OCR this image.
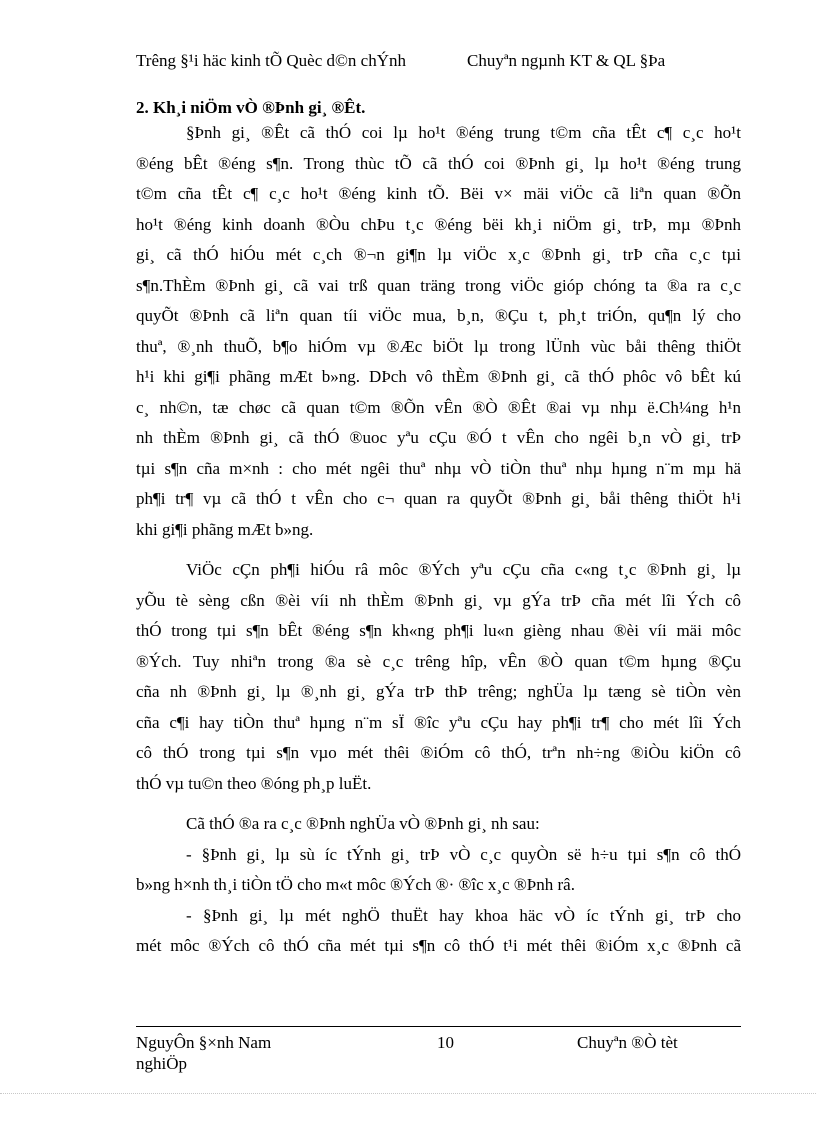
Trêng §¹i häc kinh tÕ Quèc d©n chÝnh	Chuyªn ngµnh KT & QL §Þa
2. Kh¸i niÖm vÒ ®Þnh gi¸ ®Êt.

§Þnh gi¸ ®Êt cã thÓ coi lµ ho¹t ®éng trung t©m cña tÊt c¶ c¸c ho¹t

®éng bÊt ®éng s¶n. Trong thùc tÕ cã thÓ coi ®Þnh gi¸ lµ ho¹t ®éng trung

t©m cña tÊt c¶ c¸c ho¹t ®éng kinh tÕ. Bëi v× mäi viÖc cã liªn quan ®Õn

ho¹t ®éng kinh doanh ®Òu chÞu t¸c ®éng bëi kh¸i niÖm gi¸ trÞ, mµ ®Þnh

gi¸ cã thÓ hiÓu mét c¸ch ®¬n gi¶n lµ viÖc x¸c ®Þnh gi¸ trÞ cña c¸c tµi

s¶n.ThÈm ®Þnh gi¸ cã vai trß quan träng trong viÖc gióp chóng ta ®a ra c¸c

quyÕt ®Þnh cã liªn quan tíi viÖc mua, b¸n, ®Çu t, ph¸t triÓn, qu¶n lý cho

thuª, ®¸nh thuÕ, b¶o hiÓm vµ ®Æc biÖt lµ trong lÜnh vùc båi thêng thiÖt

h¹i khi gi¶i phãng mÆt b»ng. DÞch vô thÈm ®Þnh gi¸ cã thÓ phôc vô bÊt kú

c¸ nh©n, tæ chøc cã quan t©m ®Õn vÊn ®Ò ®Êt ®ai vµ nhµ ë.Ch¼ng h¹n

nh thÈm ®Þnh gi¸ cã thÓ ®uoc yªu cÇu ®Ó t vÊn cho ngêi b¸n vÒ gi¸ trÞ

tµi s¶n cña m×nh : cho mét ngêi thuª nhµ vÒ tiÒn thuª nhµ hµng n¨m mµ hä

ph¶i tr¶ vµ cã thÓ t vÊn cho c¬ quan ra quyÕt ®Þnh gi¸ båi thêng thiÖt h¹i

khi gi¶i phãng mÆt b»ng.

ViÖc cÇn ph¶i hiÓu râ môc ®Ých yªu cÇu cña c«ng t¸c ®Þnh gi¸ lµ

yÕu tè sèng cßn ®èi víi nh thÈm ®Þnh gi¸ vµ gÝa trÞ cña mét lîi Ých cô

thÓ trong tµi s¶n bÊt ®éng s¶n kh«ng ph¶i lu«n gièng nhau ®èi víi mäi môc

®Ých. Tuy nhiªn trong ®a sè c¸c trêng hîp, vÊn ®Ò quan t©m hµng ®Çu

cña nh ®Þnh gi¸ lµ ®¸nh gi¸ gÝa trÞ thÞ trêng; nghÜa lµ tæng sè tiÒn vèn

cña c¶i hay tiÒn thuª hµng n¨m sÏ ®îc yªu cÇu hay ph¶i tr¶ cho mét lîi Ých

cô thÓ trong tµi s¶n vµo mét thêi ®iÓm cô thÓ, trªn nh÷ng ®iÒu kiÖn cô

thÓ vµ tu©n theo ®óng ph¸p luËt.

Cã thÓ ®a ra c¸c ®Þnh nghÜa vÒ ®Þnh gi¸ nh sau:

- §Þnh gi¸ lµ sù íc tÝnh gi¸ trÞ vÒ c¸c quyÒn së h÷u tµi s¶n cô thÓ

b»ng h×nh th¸i tiÒn tÖ cho m«t môc ®Ých ®· ®îc x¸c ®Þnh râ.

- §Þnh gi¸ lµ mét nghÖ thuËt hay khoa häc vÒ íc tÝnh gi¸ trÞ cho

mét môc ®Ých cô thÓ cña mét tµi s¶n cô thÓ t¹i mét thêi ®iÓm x¸c ®Þnh cã

NguyÔn §×nh Nam nghiÖp
10	Chuyªn ®Ò tèt
